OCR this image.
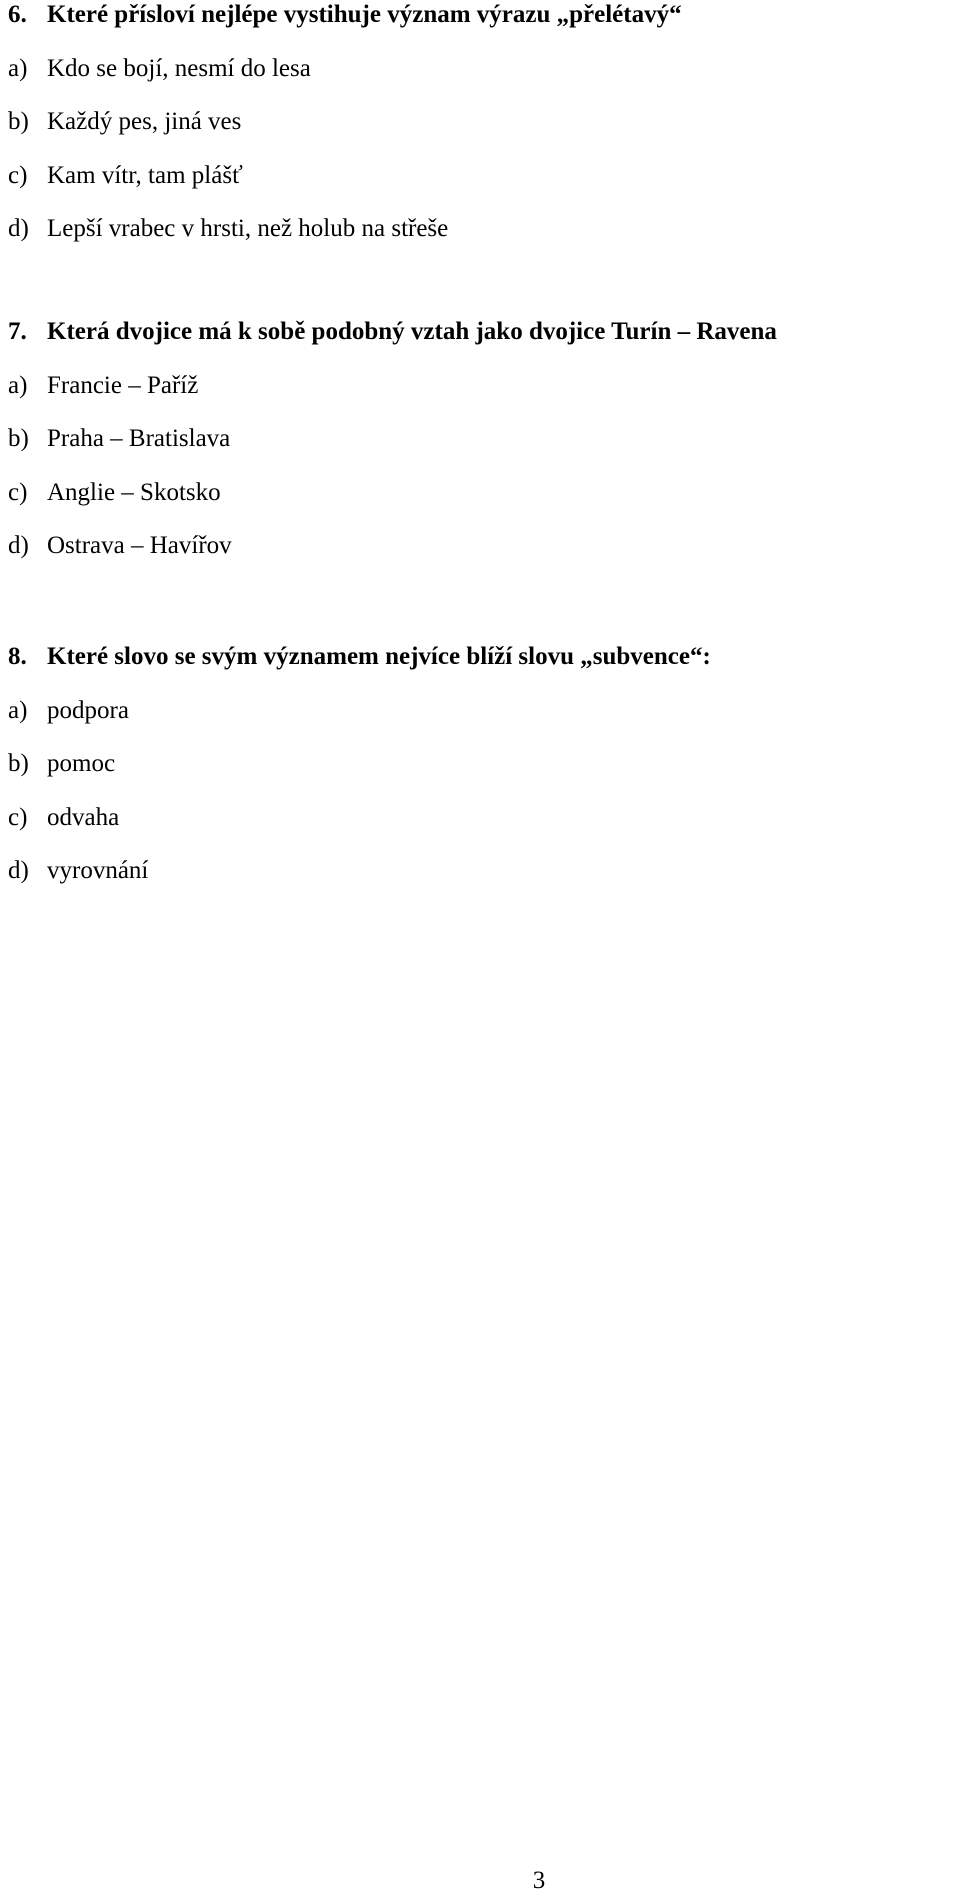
6. Které přísloví nejlépe vystihuje význam výrazu „přelétavý“
a) Kdo se bojí, nesmí do lesa
b) Každý pes, jiná ves
c) Kam vítr, tam plášť
d) Lepší vrabec v hrsti, než holub na střeše
7. Která dvojice má k sobě podobný vztah jako dvojice Turín – Ravena
a) Francie – Paříž
b) Praha – Bratislava
c) Anglie – Skotsko
d) Ostrava – Havířov
8. Které slovo se svým významem nejvíce blíží slovu „subvence“:
a) podpora
b) pomoc
c) odvaha
d) vyrovnání
3
